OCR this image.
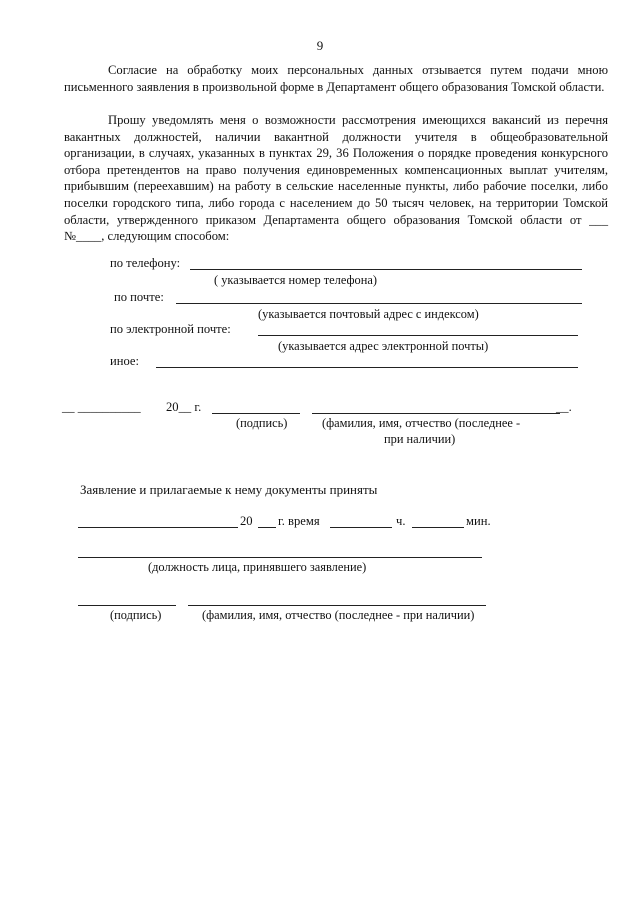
9

Согласие на обработку моих персональных данных отзывается путем подачи мною письменного заявления в произвольной форме в Департамент общего образования Томской области.

Прошу уведомлять меня о возможности рассмотрения имеющихся вакансий из перечня вакантных должностей, наличии вакантной должности учителя в общеобразовательной организации, в случаях, указанных в пунктах 29, 36 Положения о порядке проведения конкурсного отбора претендентов на право получения единовременных компенсационных выплат учителям, прибывшим (переехавшим) на работу в сельские населенные пункты, либо рабочие поселки, либо поселки городского типа, либо города с населением до 50 тысяч человек, на территории Томской области, утвержденного приказом Департамента общего образования Томской области от ___ №____, следующим способом:

по телефону:
( указывается номер телефона)
по почте:
(указывается почтовый адрес с индексом)
по электронной почте:
(указывается адрес электронной почты)
иное:
__ __________ 20__ г.	__.
(подпись)	(фамилия, имя, отчество (последнее -
при наличии)
Заявление и прилагаемые к нему документы приняты
20 г. время	ч.	мин.
(должность лица, принявшего заявление)
(подпись)	(фамилия, имя, отчество (последнее - при наличии)
